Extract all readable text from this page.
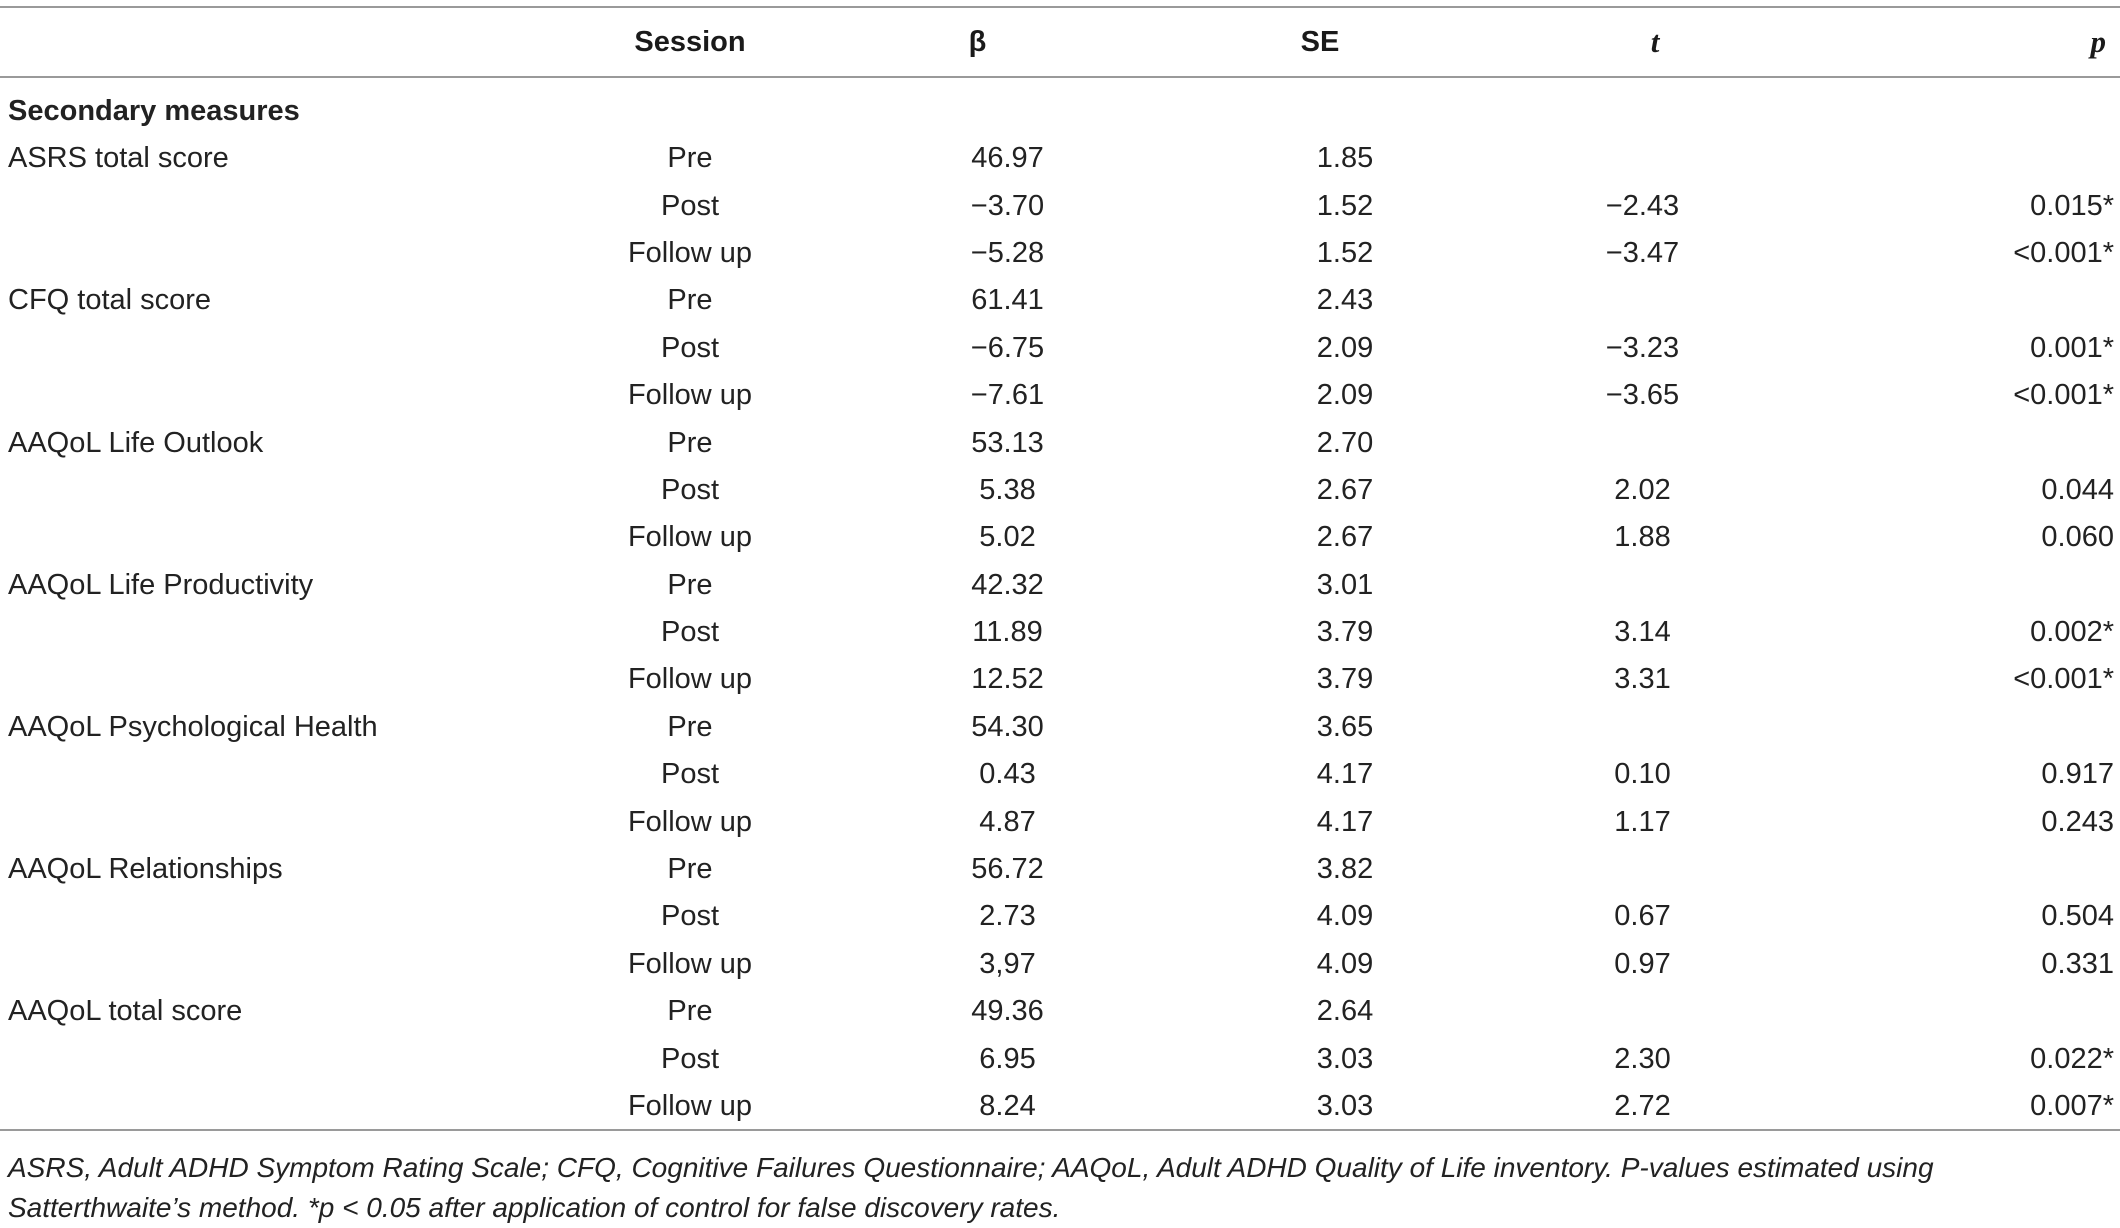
	Session	β	SE	t	p
Secondary measures					
ASRS total score	Pre	46.97	1.85		
	Post	−3.70	1.52	−2.43	0.015*
	Follow up	−5.28	1.52	−3.47	<0.001*
CFQ total score	Pre	61.41	2.43		
	Post	−6.75	2.09	−3.23	0.001*
	Follow up	−7.61	2.09	−3.65	<0.001*
AAQoL Life Outlook	Pre	53.13	2.70		
	Post	5.38	2.67	2.02	0.044
	Follow up	5.02	2.67	1.88	0.060
AAQoL Life Productivity	Pre	42.32	3.01		
	Post	11.89	3.79	3.14	0.002*
	Follow up	12.52	3.79	3.31	<0.001*
AAQoL Psychological Health	Pre	54.30	3.65		
	Post	0.43	4.17	0.10	0.917
	Follow up	4.87	4.17	1.17	0.243
AAQoL Relationships	Pre	56.72	3.82		
	Post	2.73	4.09	0.67	0.504
	Follow up	3,97	4.09	0.97	0.331
AAQoL total score	Pre	49.36	2.64		
	Post	6.95	3.03	2.30	0.022*
	Follow up	8.24	3.03	2.72	0.007*
ASRS, Adult ADHD Symptom Rating Scale; CFQ, Cognitive Failures Questionnaire; AAQoL, Adult ADHD Quality of Life inventory. P-values estimated using Satterthwaite’s method. *p < 0.05 after application of control for false discovery rates.
